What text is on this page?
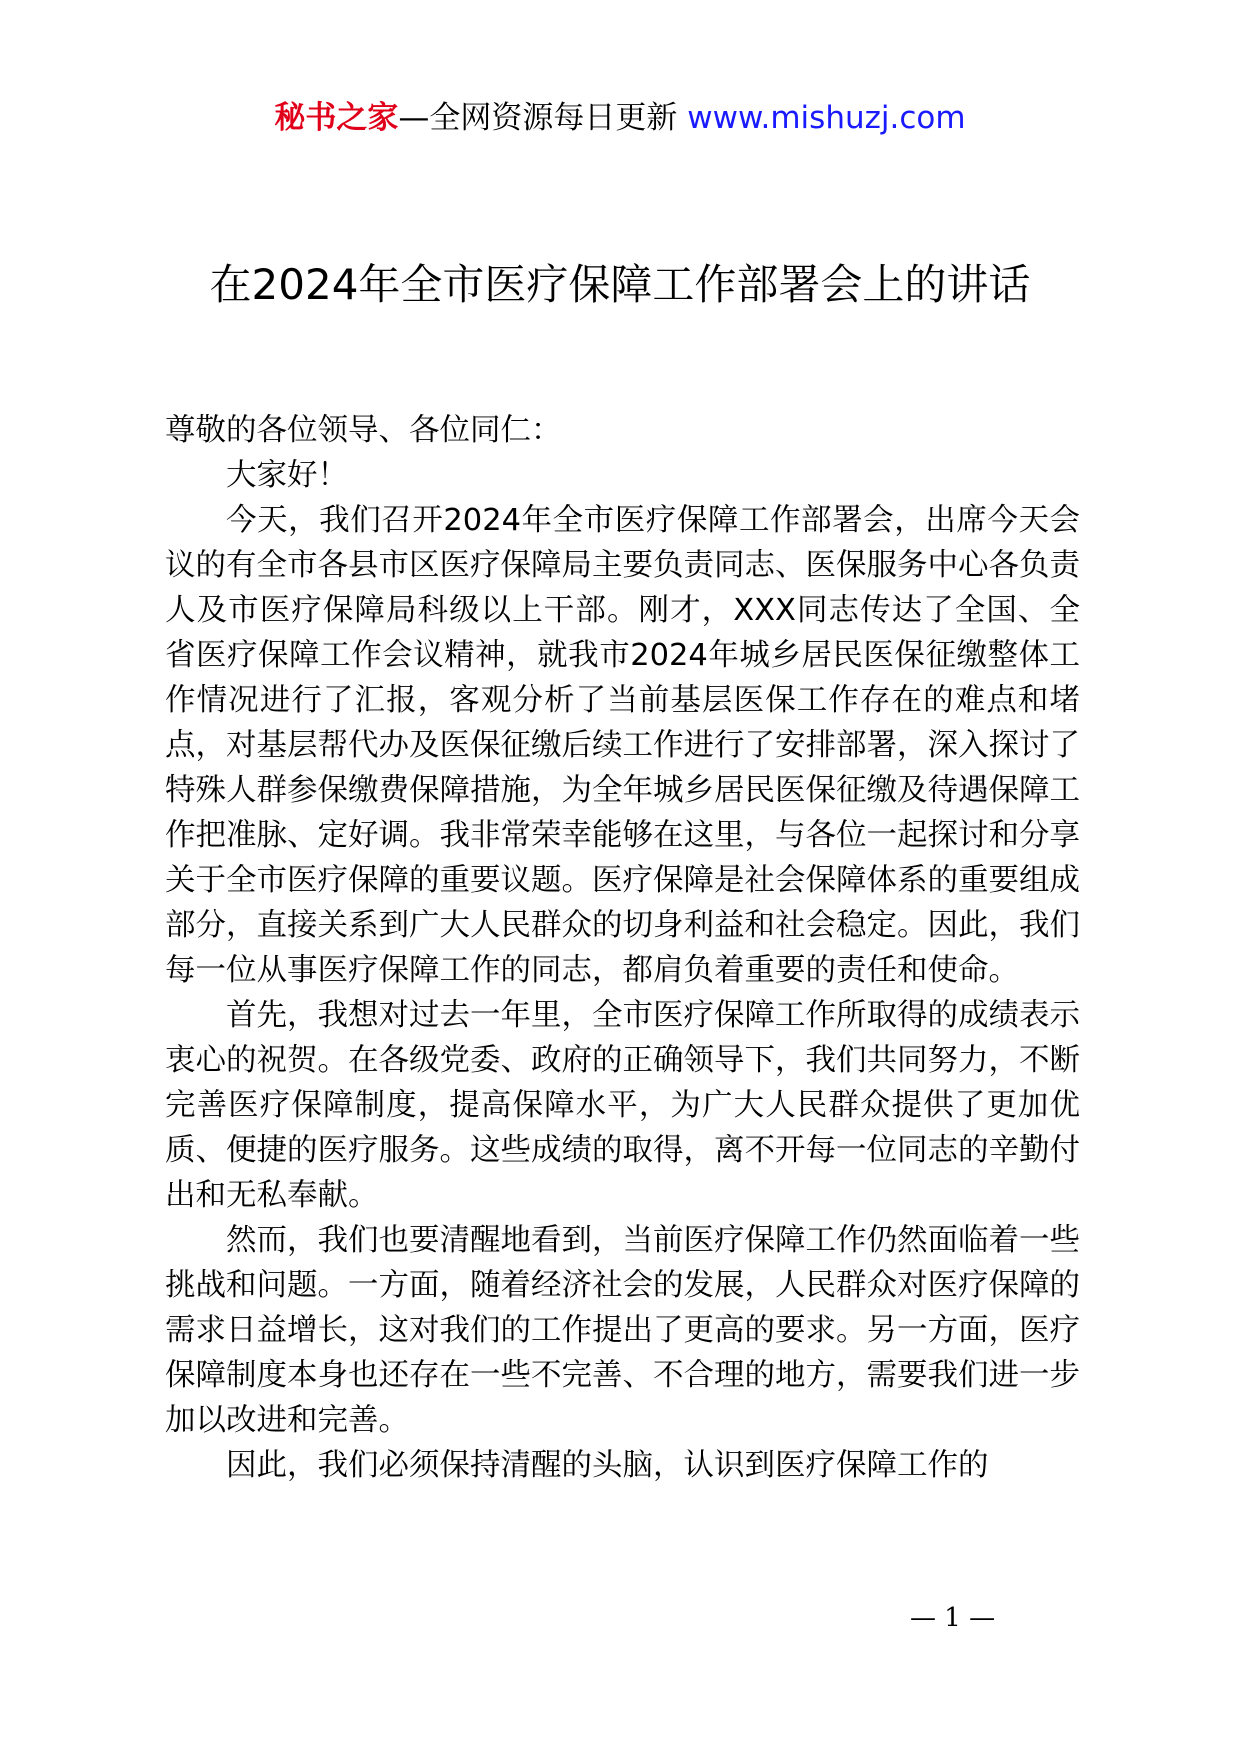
秘书之家—全网资源每日更新 www.mishuzj.com
在2024年全市医疗保障工作部署会上的讲话

尊敬的各位领导、各位同仁：

大家好！

今天，我们召开2024年全市医疗保障工作部署会，出席今天会议的有全市各县市区医疗保障局主要负责同志、医保服务中心各负责人及市医疗保障局科级以上干部。刚才，XXX同志传达了全国、全省医疗保障工作会议精神，就我市2024年城乡居民医保征缴整体工作情况进行了汇报，客观分析了当前基层医保工作存在的难点和堵点，对基层帮代办及医保征缴后续工作进行了安排部署，深入探讨了特殊人群参保缴费保障措施，为全年城乡居民医保征缴及待遇保障工作把准脉、定好调。我非常荣幸能够在这里，与各位一起探讨和分享关于全市医疗保障的重要议题。医疗保障是社会保障体系的重要组成部分，直接关系到广大人民群众的切身利益和社会稳定。因此，我们每一位从事医疗保障工作的同志，都肩负着重要的责任和使命。

首先，我想对过去一年里，全市医疗保障工作所取得的成绩表示衷心的祝贺。在各级党委、政府的正确领导下，我们共同努力，不断完善医疗保障制度，提高保障水平，为广大人民群众提供了更加优质、便捷的医疗服务。这些成绩的取得，离不开每一位同志的辛勤付出和无私奉献。

然而，我们也要清醒地看到，当前医疗保障工作仍然面临着一些挑战和问题。一方面，随着经济社会的发展，人民群众对医疗保障的需求日益增长，这对我们的工作提出了更高的要求。另一方面，医疗保障制度本身也还存在一些不完善、不合理的地方，需要我们进一步加以改进和完善。

因此，我们必须保持清醒的头脑，认识到医疗保障工作的

— 1 —
